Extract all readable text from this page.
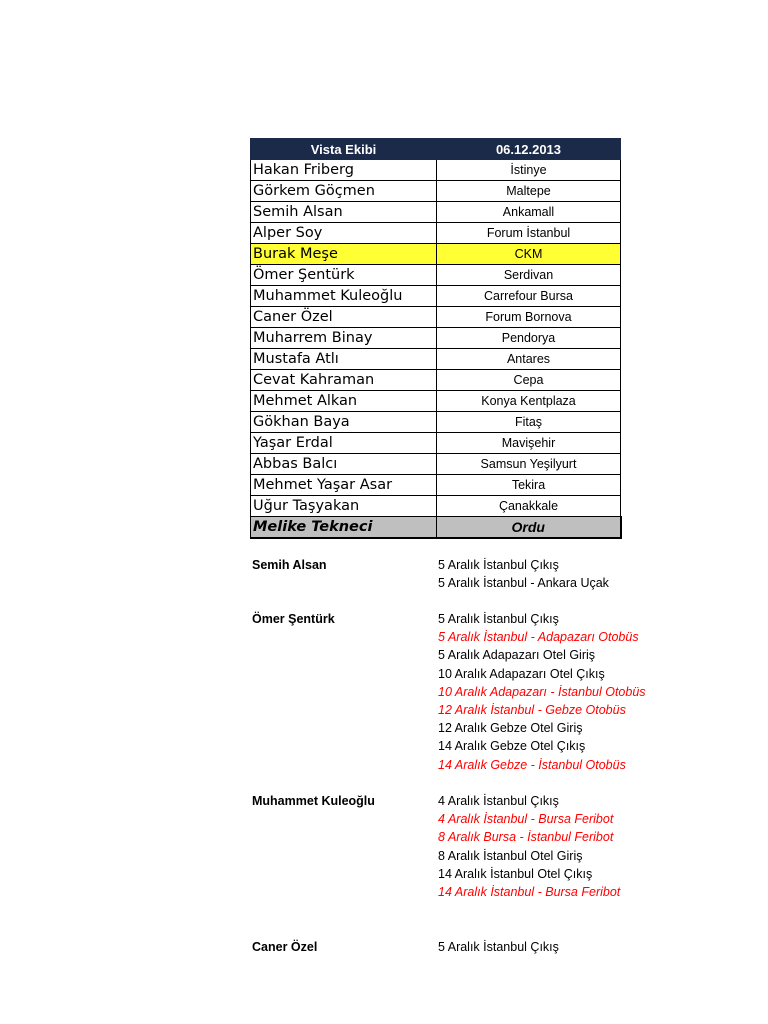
Vista Ekibi	06.12.2013
Hakan Friberg	İstinye
Görkem Göçmen	Maltepe
Semih Alsan	Ankamall
Alper Soy	Forum İstanbul
Burak Meşe	CKM
Ömer Şentürk	Serdivan
Muhammet Kuleoğlu	Carrefour Bursa
Caner Özel	Forum Bornova
Muharrem Binay	Pendorya
Mustafa Atlı	Antares
Cevat Kahraman	Cepa
Mehmet Alkan	Konya Kentplaza
Gökhan Baya	Fitaş
Yaşar Erdal	Mavişehir
Abbas Balcı	Samsun Yeşilyurt
Mehmet Yaşar Asar	Tekira
Uğur Taşyakan	Çanakkale
Melike Tekneci	Ordu
Semih Alsan	5 Aralık İstanbul Çıkış
5 Aralık İstanbul - Ankara Uçak
Ömer Şentürk	5 Aralık İstanbul Çıkış
5 Aralık İstanbul - Adapazarı Otobüs
5 Aralık Adapazarı Otel Giriş
10 Aralık Adapazarı Otel Çıkış
10 Aralık Adapazarı - İstanbul Otobüs
12 Aralık İstanbul - Gebze Otobüs
12 Aralık Gebze Otel Giriş
14 Aralık Gebze Otel Çıkış
14 Aralık Gebze - İstanbul Otobüs
Muhammet Kuleoğlu	4 Aralık İstanbul Çıkış
4 Aralık İstanbul - Bursa Feribot
8 Aralık Bursa - İstanbul Feribot
8 Aralık İstanbul Otel Giriş
14 Aralık İstanbul Otel Çıkış
14 Aralık İstanbul - Bursa Feribot
Caner Özel	5 Aralık İstanbul Çıkış
